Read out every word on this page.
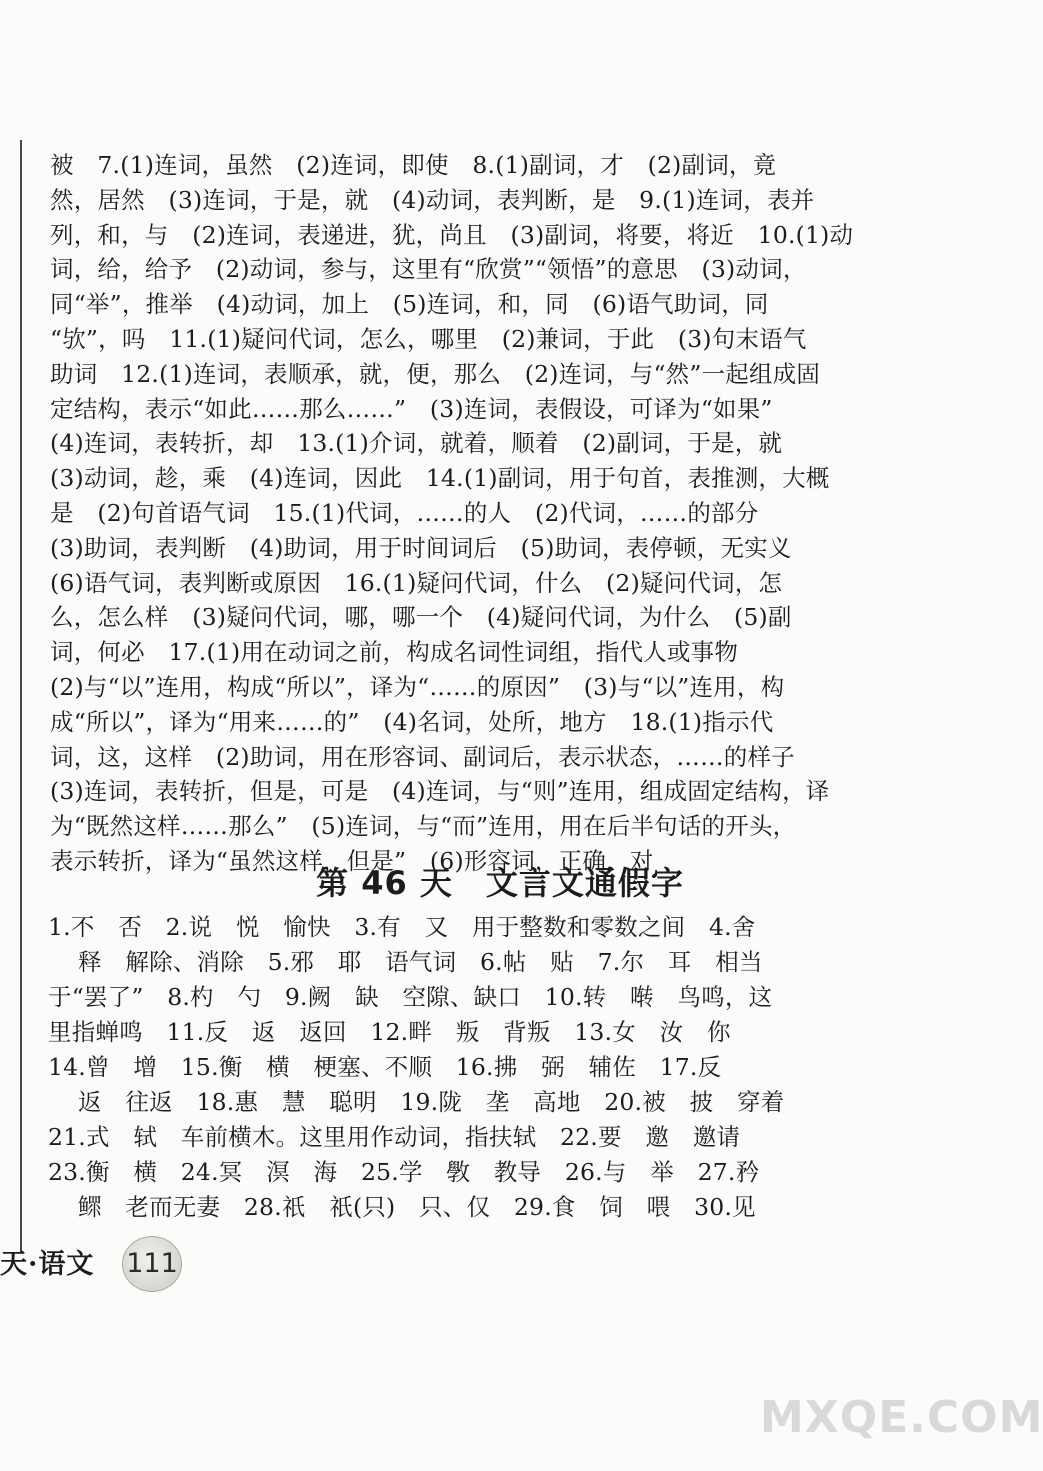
被　7.(1)连词，虽然　(2)连词，即使　8.(1)副词，才　(2)副词，竟
然，居然　(3)连词，于是，就　(4)动词，表判断，是　9.(1)连词，表并
列，和，与　(2)连词，表递进，犹，尚且　(3)副词，将要，将近　10.(1)动
词，给，给予　(2)动词，参与，这里有“欣赏”“领悟”的意思　(3)动词，
同“举”，推举　(4)动词，加上　(5)连词，和，同　(6)语气助词，同
“欤”，吗　11.(1)疑问代词，怎么，哪里　(2)兼词，于此　(3)句末语气
助词　12.(1)连词，表顺承，就，便，那么　(2)连词，与“然”一起组成固
定结构，表示“如此……那么……”　(3)连词，表假设，可译为“如果”
(4)连词，表转折，却　13.(1)介词，就着，顺着　(2)副词，于是，就
(3)动词，趁，乘　(4)连词，因此　14.(1)副词，用于句首，表推测，大概
是　(2)句首语气词　15.(1)代词，……的人　(2)代词，……的部分
(3)助词，表判断　(4)助词，用于时间词后　(5)助词，表停顿，无实义
(6)语气词，表判断或原因　16.(1)疑问代词，什么　(2)疑问代词，怎
么，怎么样　(3)疑问代词，哪，哪一个　(4)疑问代词，为什么　(5)副
词，何必　17.(1)用在动词之前，构成名词性词组，指代人或事物
(2)与“以”连用，构成“所以”，译为“……的原因”　(3)与“以”连用，构
成“所以”，译为“用来……的”　(4)名词，处所，地方　18.(1)指示代
词，这，这样　(2)助词，用在形容词、副词后，表示状态，……的样子
(3)连词，表转折，但是，可是　(4)连词，与“则”连用，组成固定结构，译
为“既然这样……那么”　(5)连词，与“而”连用，用在后半句话的开头，
表示转折，译为“虽然这样，但是”　(6)形容词，正确，对
第 46 天　文言文通假字
1.不　否　2.说　悦　愉快　3.有　又　用于整数和零数之间　4.舍
释　解除、消除　5.邪　耶　语气词　6.帖　贴　7.尔　耳　相当
于“罢了”　8.杓　勺　9.阙　缺　空隙、缺口　10.转　啭　鸟鸣，这
里指蝉鸣　11.反　返　返回　12.畔　叛　背叛　13.女　汝　你
14.曾　增　15.衡　横　梗塞、不顺　16.拂　弼　辅佐　17.反
返　往返　18.惠　慧　聪明　19.陇　垄　高地　20.被　披　穿着
21.式　轼　车前横木。这里用作动词，指扶轼　22.要　邀　邀请
23.衡　横　24.冥　溟　海　25.学　斆　教导　26.与　举　27.矜
鳏　老而无妻　28.祇　祇(只)　只、仅　29.食　饲　喂　30.见
天·语文 111
MXQE.COM
